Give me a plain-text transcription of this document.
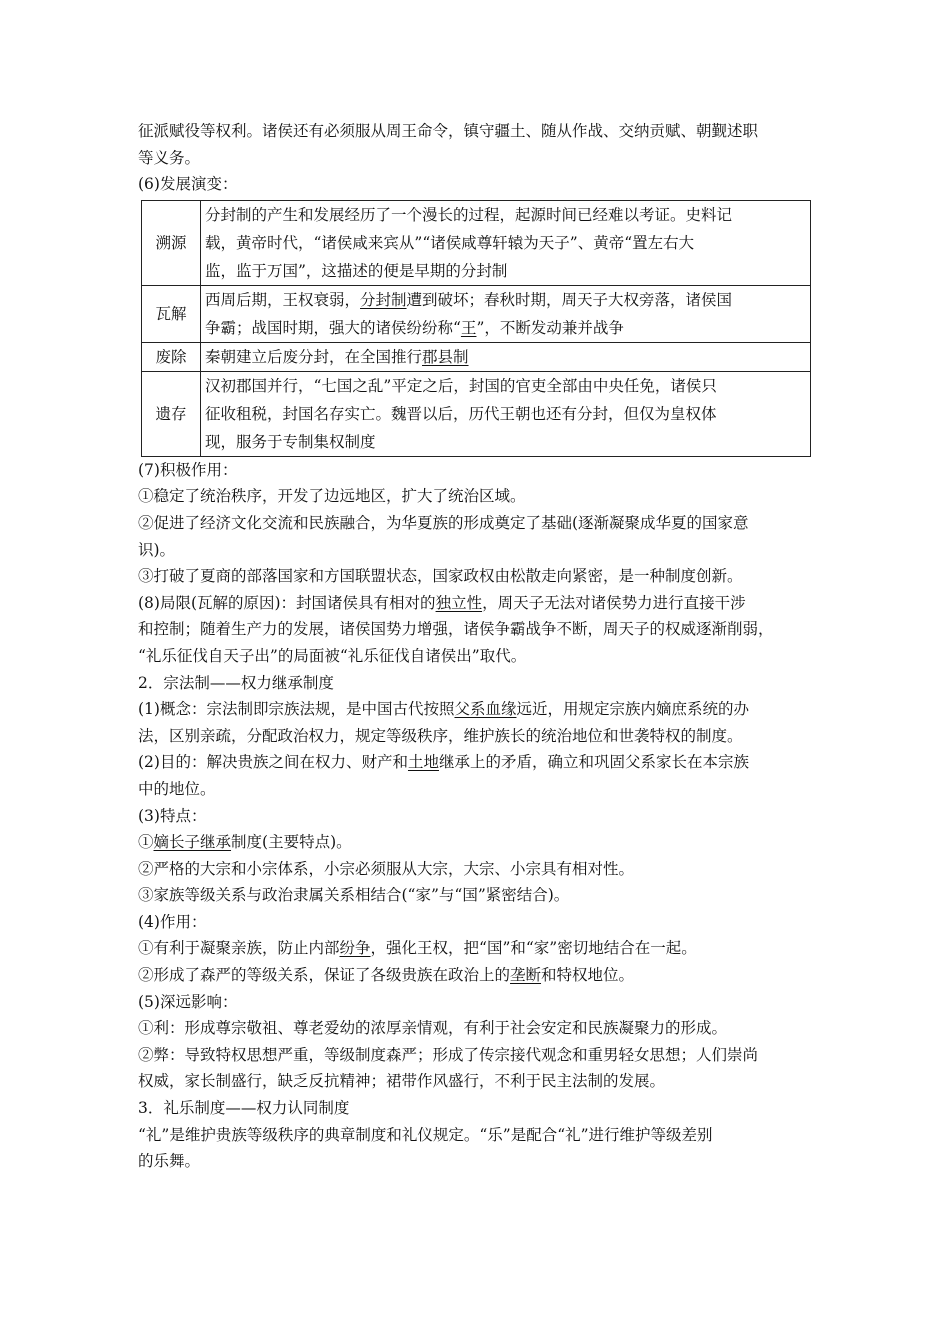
征派赋役等权利。诸侯还有必须服从周王命令，镇守疆土、随从作战、交纳贡赋、朝觐述职
等义务。
(6)发展演变：
溯源	分封制的产生和发展经历了一个漫长的过程，起源时间已经难以考证。史料记
载，黄帝时代，“诸侯咸来宾从”“诸侯咸尊轩辕为天子”、黄帝“置左右大
监，监于万国”，这描述的便是早期的分封制

瓦解	西周后期，王权衰弱，分封制遭到破坏；春秋时期，周天子大权旁落，诸侯国
争霸；战国时期，强大的诸侯纷纷称“王”，不断发动兼并战争

废除	秦朝建立后废分封，在全国推行郡县制

遗存	汉初郡国并行，“七国之乱”平定之后，封国的官吏全部由中央任免，诸侯只
征收租税，封国名存实亡。魏晋以后，历代王朝也还有分封，但仅为皇权体
现，服务于专制集权制度
(7)积极作用：
①稳定了统治秩序，开发了边远地区，扩大了统治区域。
②促进了经济文化交流和民族融合，为华夏族的形成奠定了基础(逐渐凝聚成华夏的国家意
识)。
③打破了夏商的部落国家和方国联盟状态，国家政权由松散走向紧密，是一种制度创新。
(8)局限(瓦解的原因)：封国诸侯具有相对的独立性，周天子无法对诸侯势力进行直接干涉
和控制；随着生产力的发展，诸侯国势力增强，诸侯争霸战争不断，周天子的权威逐渐削弱，
“礼乐征伐自天子出”的局面被“礼乐征伐自诸侯出”取代。
2．宗法制——权力继承制度
(1)概念：宗法制即宗族法规，是中国古代按照父系血缘远近，用规定宗族内嫡庶系统的办
法，区别亲疏，分配政治权力，规定等级秩序，维护族长的统治地位和世袭特权的制度。
(2)目的：解决贵族之间在权力、财产和土地继承上的矛盾，确立和巩固父系家长在本宗族
中的地位。
(3)特点：
①嫡长子继承制度(主要特点)。
②严格的大宗和小宗体系，小宗必须服从大宗，大宗、小宗具有相对性。
③家族等级关系与政治隶属关系相结合(“家”与“国”紧密结合)。
(4)作用：
①有利于凝聚亲族，防止内部纷争，强化王权，把“国”和“家”密切地结合在一起。
②形成了森严的等级关系，保证了各级贵族在政治上的垄断和特权地位。
(5)深远影响：
①利：形成尊宗敬祖、尊老爱幼的浓厚亲情观，有利于社会安定和民族凝聚力的形成。
②弊：导致特权思想严重，等级制度森严；形成了传宗接代观念和重男轻女思想；人们崇尚
权威，家长制盛行，缺乏反抗精神；裙带作风盛行，不利于民主法制的发展。
3．礼乐制度——权力认同制度
“礼”是维护贵族等级秩序的典章制度和礼仪规定。“乐”是配合“礼”进行维护等级差别
的乐舞。
